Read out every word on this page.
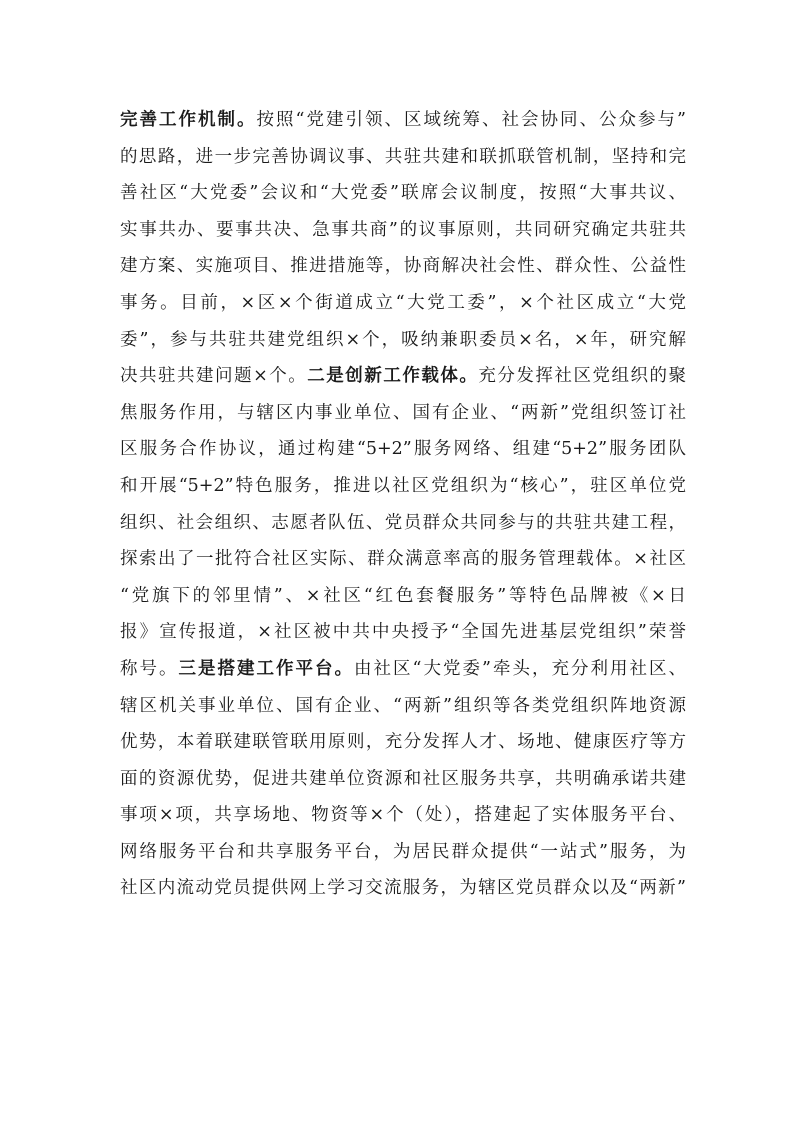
完善工作机制。按照“党建引领、区域统筹、社会协同、公众参与”
的思路，进一步完善协调议事、共驻共建和联抓联管机制，坚持和完
善社区“大党委”会议和“大党委”联席会议制度，按照“大事共议、
实事共办、要事共决、急事共商”的议事原则，共同研究确定共驻共
建方案、实施项目、推进措施等，协商解决社会性、群众性、公益性
事务。目前，×区×个街道成立“大党工委”，×个社区成立“大党
委”，参与共驻共建党组织×个，吸纳兼职委员×名，×年，研究解
决共驻共建问题×个。二是创新工作载体。充分发挥社区党组织的聚
焦服务作用，与辖区内事业单位、国有企业、“两新”党组织签订社
区服务合作协议，通过构建“5+2”服务网络、组建“5+2”服务团队
和开展“5+2”特色服务，推进以社区党组织为“核心”，驻区单位党
组织、社会组织、志愿者队伍、党员群众共同参与的共驻共建工程，
探索出了一批符合社区实际、群众满意率高的服务管理载体。×社区
“党旗下的邻里情”、×社区“红色套餐服务”等特色品牌被《×日
报》宣传报道，×社区被中共中央授予“全国先进基层党组织”荣誉
称号。三是搭建工作平台。由社区“大党委”牵头，充分利用社区、
辖区机关事业单位、国有企业、“两新”组织等各类党组织阵地资源
优势，本着联建联管联用原则，充分发挥人才、场地、健康医疗等方
面的资源优势，促进共建单位资源和社区服务共享，共明确承诺共建
事项×项，共享场地、物资等×个（处），搭建起了实体服务平台、
网络服务平台和共享服务平台，为居民群众提供“一站式”服务，为
社区内流动党员提供网上学习交流服务，为辖区党员群众以及“两新”
